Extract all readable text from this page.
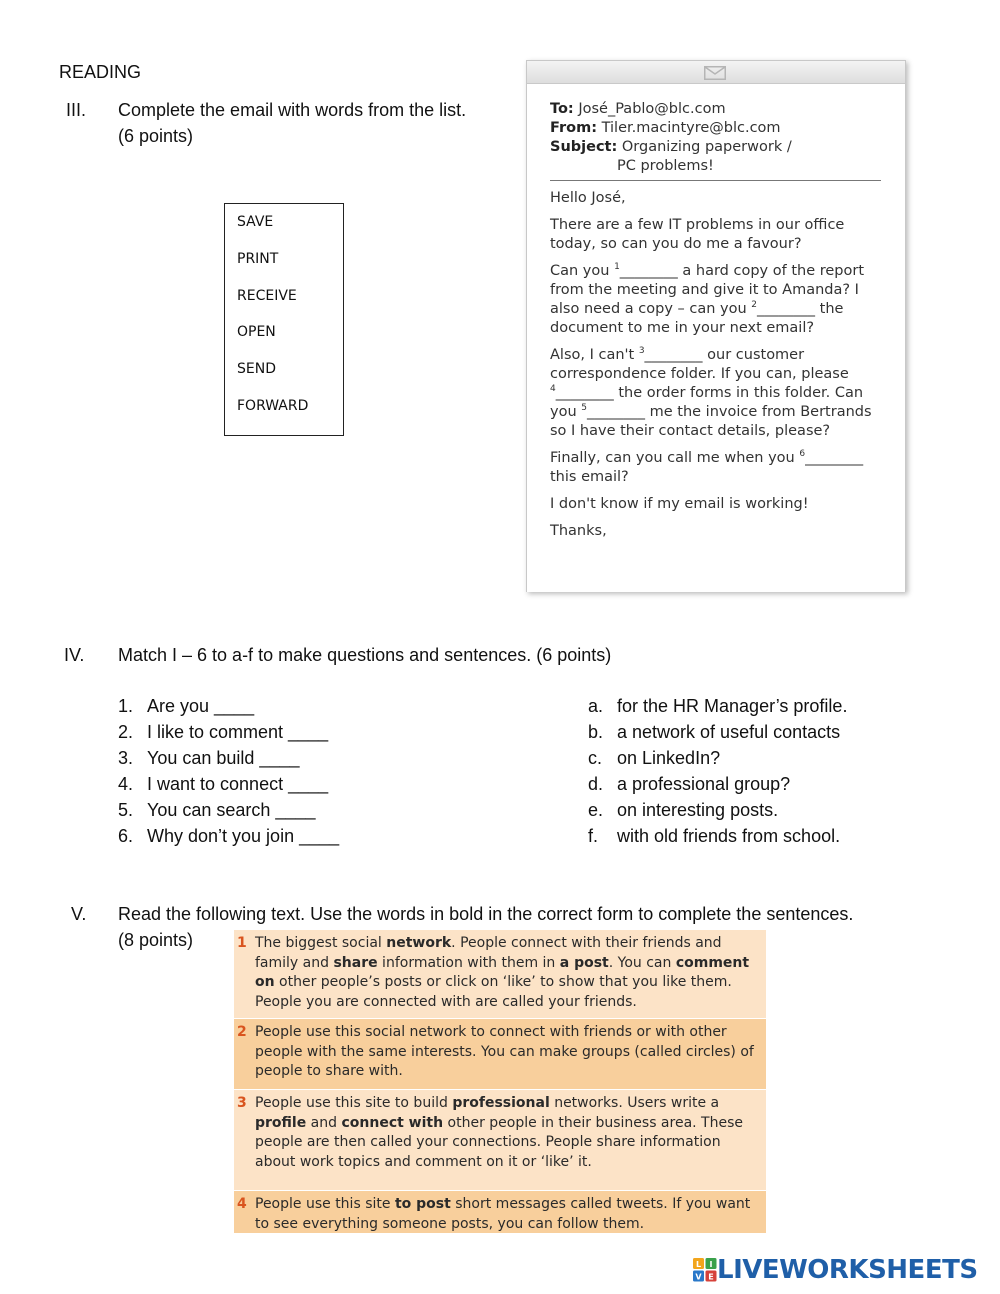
READING
III. Complete the email with words from the list.
(6 points)
SAVE
PRINT
RECEIVE
OPEN
SEND
FORWARD
To: José_Pablo@blc.com
From: Tiler.macintyre@blc.com
Subject: Organizing paperwork /
PC problems!

Hello José,

There are a few IT problems in our office today, so can you do me a favour?

Can you $^1$________ a hard copy of the report from the meeting and give it to Amanda? I also need a copy – can you $^2$________ the document to me in your next email?

Also, I can't $^3$________ our customer correspondence folder. If you can, please $^4$________ the order forms in this folder. Can you $^5$________ me the invoice from Bertrands so I have their contact details, please?

Finally, can you call me when you $^6$________ this email?

I don't know if my email is working!

Thanks,

IV. Match I – 6 to a-f to make questions and sentences. (6 points)
1. Are you ____
2. I like to comment ____
3. You can build ____
4. I want to connect ____
5. You can search ____
6. Why don’t you join ____
a. for the HR Manager’s profile.
b. a network of useful contacts
c. on LinkedIn?
d. a professional group?
e. on interesting posts.
f. with old friends from school.
V. Read the following text. Use the words in bold in the correct form to complete the sentences.
(8 points)	1 The biggest social network. People connect with their friends and family and share information with them in a post. You can comment on other people’s posts or click on ‘like’ to show that you like them. People you are connected with are called your friends.
2 People use this social network to connect with friends or with other people with the same interests. You can make groups (called circles) of people to share with.
3 People use this site to build professional networks. Users write a profile and connect with other people in their business area. These people are then called your connections. People share information about work topics and comment on it or ‘like’ it.
4 People use this site to post short messages called tweets. If you want to see everything someone posts, you can follow them.
L I
V E LIVEWORKSHEETS
